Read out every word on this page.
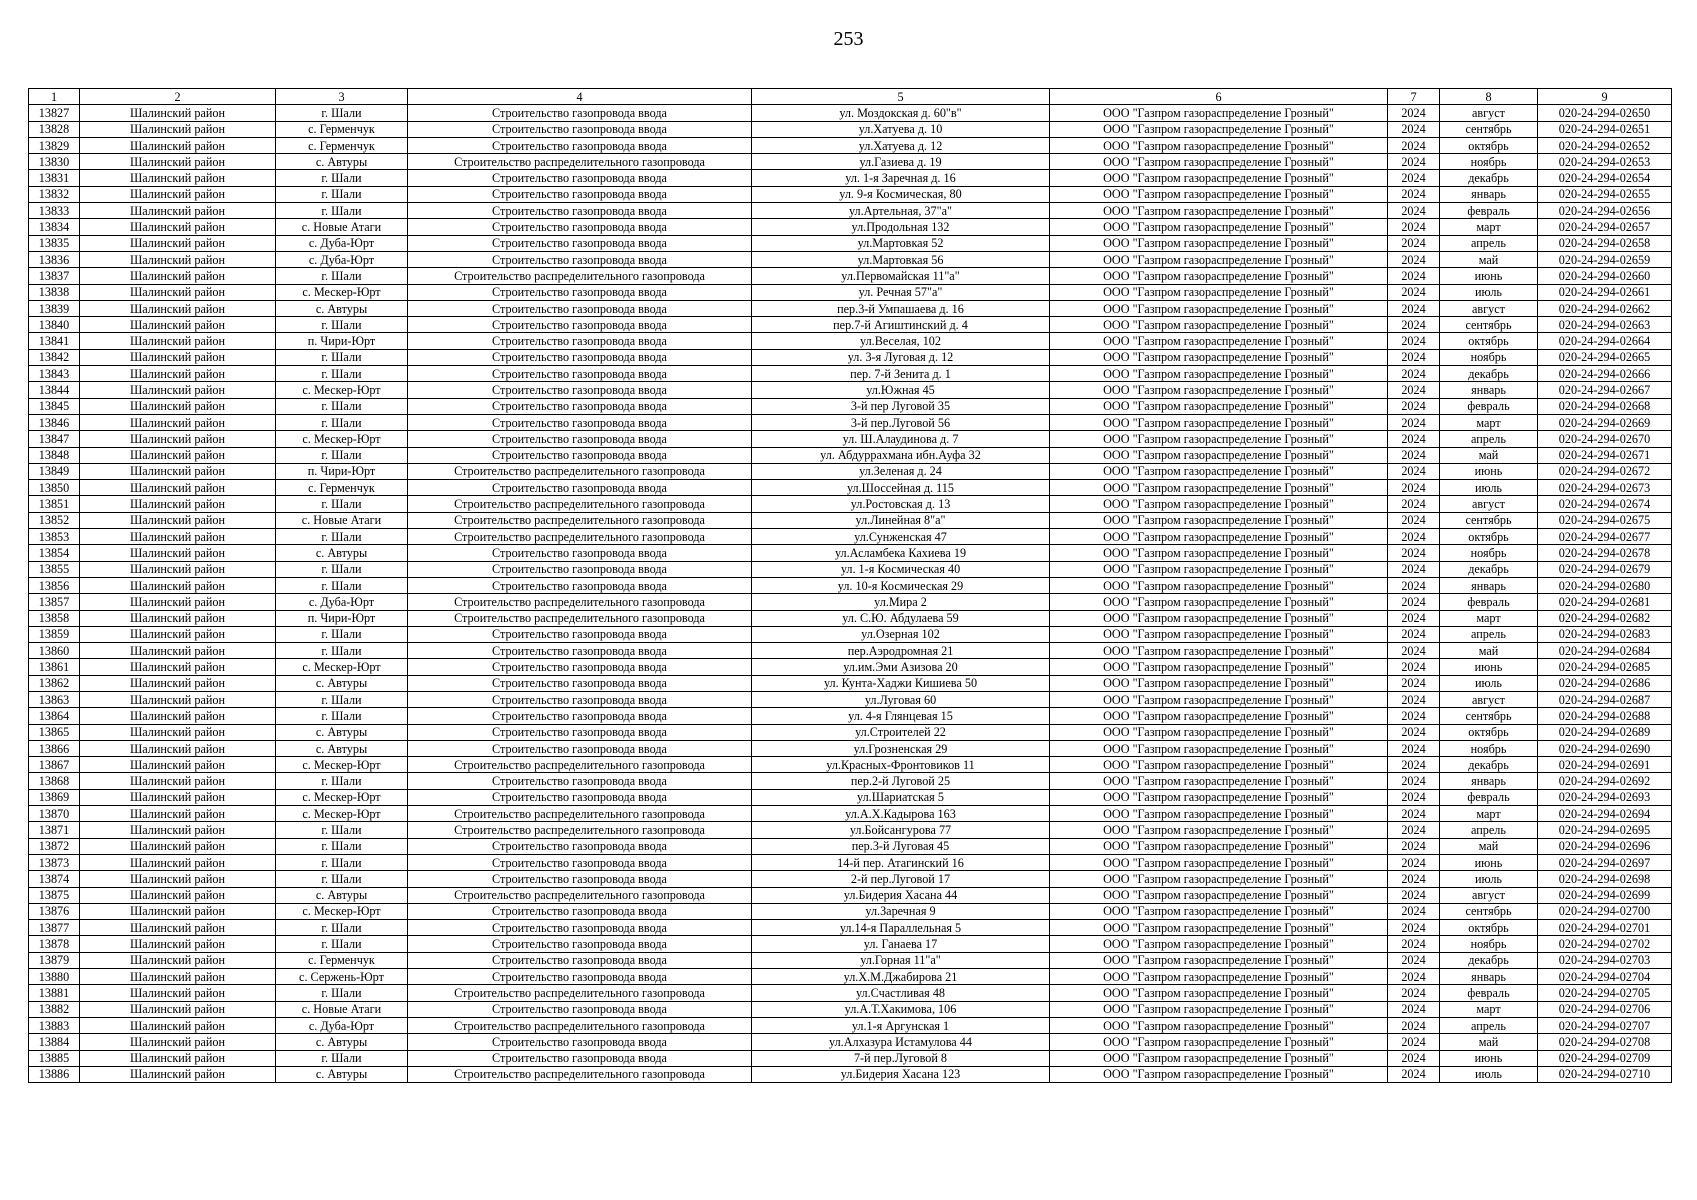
253
1	2	3	4	5	6	7	8	9
13827	Шалинский район	г. Шали	Строительство газопровода ввода	ул. Моздокская д. 60"в"	ООО "Газпром газораспределение Грозный"	2024	август	020-24-294-02650
13828	Шалинский район	с. Герменчук	Строительство газопровода ввода	ул.Хатуева д. 10	ООО "Газпром газораспределение Грозный"	2024	сентябрь	020-24-294-02651
13829	Шалинский район	с. Герменчук	Строительство газопровода ввода	ул.Хатуева д. 12	ООО "Газпром газораспределение Грозный"	2024	октябрь	020-24-294-02652
13830	Шалинский район	с. Автуры	Строительство распределительного газопровода	ул.Газиева д. 19	ООО "Газпром газораспределение Грозный"	2024	ноябрь	020-24-294-02653
13831	Шалинский район	г. Шали	Строительство газопровода ввода	ул. 1-я Заречная д. 16	ООО "Газпром газораспределение Грозный"	2024	декабрь	020-24-294-02654
13832	Шалинский район	г. Шали	Строительство газопровода ввода	ул. 9-я Космическая, 80	ООО "Газпром газораспределение Грозный"	2024	январь	020-24-294-02655
13833	Шалинский район	г. Шали	Строительство газопровода ввода	ул.Артельная, 37"а"	ООО "Газпром газораспределение Грозный"	2024	февраль	020-24-294-02656
13834	Шалинский район	с. Новые Атаги	Строительство газопровода ввода	ул.Продольная 132	ООО "Газпром газораспределение Грозный"	2024	март	020-24-294-02657
13835	Шалинский район	с. Дуба-Юрт	Строительство газопровода ввода	ул.Мартовкая 52	ООО "Газпром газораспределение Грозный"	2024	апрель	020-24-294-02658
13836	Шалинский район	с. Дуба-Юрт	Строительство газопровода ввода	ул.Мартовкая 56	ООО "Газпром газораспределение Грозный"	2024	май	020-24-294-02659
13837	Шалинский район	г. Шали	Строительство распределительного газопровода	ул.Первомайская 11"а"	ООО "Газпром газораспределение Грозный"	2024	июнь	020-24-294-02660
13838	Шалинский район	с. Мескер-Юрт	Строительство газопровода ввода	ул. Речная 57"а"	ООО "Газпром газораспределение Грозный"	2024	июль	020-24-294-02661
13839	Шалинский район	с. Автуры	Строительство газопровода ввода	пер.3-й Умпашаева д. 16	ООО "Газпром газораспределение Грозный"	2024	август	020-24-294-02662
13840	Шалинский район	г. Шали	Строительство газопровода ввода	пер.7-й Агиштинский д. 4	ООО "Газпром газораспределение Грозный"	2024	сентябрь	020-24-294-02663
13841	Шалинский район	п. Чири-Юрт	Строительство газопровода ввода	ул.Веселая, 102	ООО "Газпром газораспределение Грозный"	2024	октябрь	020-24-294-02664
13842	Шалинский район	г. Шали	Строительство газопровода ввода	ул. 3-я Луговая д. 12	ООО "Газпром газораспределение Грозный"	2024	ноябрь	020-24-294-02665
13843	Шалинский район	г. Шали	Строительство газопровода ввода	пер. 7-й Зенита д. 1	ООО "Газпром газораспределение Грозный"	2024	декабрь	020-24-294-02666
13844	Шалинский район	с. Мескер-Юрт	Строительство газопровода ввода	ул.Южная 45	ООО "Газпром газораспределение Грозный"	2024	январь	020-24-294-02667
13845	Шалинский район	г. Шали	Строительство газопровода ввода	3-й пер Луговой 35	ООО "Газпром газораспределение Грозный"	2024	февраль	020-24-294-02668
13846	Шалинский район	г. Шали	Строительство газопровода ввода	3-й пер.Луговой 56	ООО "Газпром газораспределение Грозный"	2024	март	020-24-294-02669
13847	Шалинский район	с. Мескер-Юрт	Строительство газопровода ввода	ул. Ш.Алаудинова д. 7	ООО "Газпром газораспределение Грозный"	2024	апрель	020-24-294-02670
13848	Шалинский район	г. Шали	Строительство газопровода ввода	ул. Абдуррахмана ибн.Ауфа 32	ООО "Газпром газораспределение Грозный"	2024	май	020-24-294-02671
13849	Шалинский район	п. Чири-Юрт	Строительство распределительного газопровода	ул.Зеленая д. 24	ООО "Газпром газораспределение Грозный"	2024	июнь	020-24-294-02672
13850	Шалинский район	с. Герменчук	Строительство газопровода ввода	ул.Шоссейная д. 115	ООО "Газпром газораспределение Грозный"	2024	июль	020-24-294-02673
13851	Шалинский район	г. Шали	Строительство распределительного газопровода	ул.Ростовская д. 13	ООО "Газпром газораспределение Грозный"	2024	август	020-24-294-02674
13852	Шалинский район	с. Новые Атаги	Строительство распределительного газопровода	ул.Линейная 8"а"	ООО "Газпром газораспределение Грозный"	2024	сентябрь	020-24-294-02675
13853	Шалинский район	г. Шали	Строительство распределительного газопровода	ул.Сунженская 47	ООО "Газпром газораспределение Грозный"	2024	октябрь	020-24-294-02677
13854	Шалинский район	с. Автуры	Строительство газопровода ввода	ул.Асламбека Кахиева 19	ООО "Газпром газораспределение Грозный"	2024	ноябрь	020-24-294-02678
13855	Шалинский район	г. Шали	Строительство газопровода ввода	ул. 1-я Космическая 40	ООО "Газпром газораспределение Грозный"	2024	декабрь	020-24-294-02679
13856	Шалинский район	г. Шали	Строительство газопровода ввода	ул. 10-я Космическая 29	ООО "Газпром газораспределение Грозный"	2024	январь	020-24-294-02680
13857	Шалинский район	с. Дуба-Юрт	Строительство распределительного газопровода	ул.Мира 2	ООО "Газпром газораспределение Грозный"	2024	февраль	020-24-294-02681
13858	Шалинский район	п. Чири-Юрт	Строительство распределительного газопровода	ул. С.Ю. Абдулаева 59	ООО "Газпром газораспределение Грозный"	2024	март	020-24-294-02682
13859	Шалинский район	г. Шали	Строительство газопровода ввода	ул.Озерная 102	ООО "Газпром газораспределение Грозный"	2024	апрель	020-24-294-02683
13860	Шалинский район	г. Шали	Строительство газопровода ввода	пер.Аэродромная 21	ООО "Газпром газораспределение Грозный"	2024	май	020-24-294-02684
13861	Шалинский район	с. Мескер-Юрт	Строительство газопровода ввода	ул.им.Эми Азизова 20	ООО "Газпром газораспределение Грозный"	2024	июнь	020-24-294-02685
13862	Шалинский район	с. Автуры	Строительство газопровода ввода	ул. Кунта-Хаджи Кишиева 50	ООО "Газпром газораспределение Грозный"	2024	июль	020-24-294-02686
13863	Шалинский район	г. Шали	Строительство газопровода ввода	ул.Луговая 60	ООО "Газпром газораспределение Грозный"	2024	август	020-24-294-02687
13864	Шалинский район	г. Шали	Строительство газопровода ввода	ул. 4-я Глянцевая 15	ООО "Газпром газораспределение Грозный"	2024	сентябрь	020-24-294-02688
13865	Шалинский район	с. Автуры	Строительство газопровода ввода	ул.Строителей 22	ООО "Газпром газораспределение Грозный"	2024	октябрь	020-24-294-02689
13866	Шалинский район	с. Автуры	Строительство газопровода ввода	ул.Грозненская 29	ООО "Газпром газораспределение Грозный"	2024	ноябрь	020-24-294-02690
13867	Шалинский район	с. Мескер-Юрт	Строительство распределительного газопровода	ул.Красных-Фронтовиков 11	ООО "Газпром газораспределение Грозный"	2024	декабрь	020-24-294-02691
13868	Шалинский район	г. Шали	Строительство газопровода ввода	пер.2-й Луговой 25	ООО "Газпром газораспределение Грозный"	2024	январь	020-24-294-02692
13869	Шалинский район	с. Мескер-Юрт	Строительство газопровода ввода	ул.Шариатская 5	ООО "Газпром газораспределение Грозный"	2024	февраль	020-24-294-02693
13870	Шалинский район	с. Мескер-Юрт	Строительство распределительного газопровода	ул.А.Х.Кадырова 163	ООО "Газпром газораспределение Грозный"	2024	март	020-24-294-02694
13871	Шалинский район	г. Шали	Строительство распределительного газопровода	ул.Бойсангурова 77	ООО "Газпром газораспределение Грозный"	2024	апрель	020-24-294-02695
13872	Шалинский район	г. Шали	Строительство газопровода ввода	пер.3-й Луговая 45	ООО "Газпром газораспределение Грозный"	2024	май	020-24-294-02696
13873	Шалинский район	г. Шали	Строительство газопровода ввода	14-й пер. Атагинский 16	ООО "Газпром газораспределение Грозный"	2024	июнь	020-24-294-02697
13874	Шалинский район	г. Шали	Строительство газопровода ввода	2-й пер.Луговой 17	ООО "Газпром газораспределение Грозный"	2024	июль	020-24-294-02698
13875	Шалинский район	с. Автуры	Строительство распределительного газопровода	ул.Бидерия Хасана 44	ООО "Газпром газораспределение Грозный"	2024	август	020-24-294-02699
13876	Шалинский район	с. Мескер-Юрт	Строительство газопровода ввода	ул.Заречная 9	ООО "Газпром газораспределение Грозный"	2024	сентябрь	020-24-294-02700
13877	Шалинский район	г. Шали	Строительство газопровода ввода	ул.14-я Параллельная 5	ООО "Газпром газораспределение Грозный"	2024	октябрь	020-24-294-02701
13878	Шалинский район	г. Шали	Строительство газопровода ввода	ул. Ганаева 17	ООО "Газпром газораспределение Грозный"	2024	ноябрь	020-24-294-02702
13879	Шалинский район	с. Герменчук	Строительство газопровода ввода	ул.Горная 11"а"	ООО "Газпром газораспределение Грозный"	2024	декабрь	020-24-294-02703
13880	Шалинский район	с. Сержень-Юрт	Строительство газопровода ввода	ул.Х.М.Джабирова 21	ООО "Газпром газораспределение Грозный"	2024	январь	020-24-294-02704
13881	Шалинский район	г. Шали	Строительство распределительного газопровода	ул.Счастливая 48	ООО "Газпром газораспределение Грозный"	2024	февраль	020-24-294-02705
13882	Шалинский район	с. Новые Атаги	Строительство газопровода ввода	ул.А.Т.Хакимова, 106	ООО "Газпром газораспределение Грозный"	2024	март	020-24-294-02706
13883	Шалинский район	с. Дуба-Юрт	Строительство распределительного газопровода	ул.1-я Аргунская 1	ООО "Газпром газораспределение Грозный"	2024	апрель	020-24-294-02707
13884	Шалинский район	с. Автуры	Строительство газопровода ввода	ул.Алхазура Истамулова 44	ООО "Газпром газораспределение Грозный"	2024	май	020-24-294-02708
13885	Шалинский район	г. Шали	Строительство газопровода ввода	7-й пер.Луговой 8	ООО "Газпром газораспределение Грозный"	2024	июнь	020-24-294-02709
13886	Шалинский район	с. Автуры	Строительство распределительного газопровода	ул.Бидерия Хасана 123	ООО "Газпром газораспределение Грозный"	2024	июль	020-24-294-02710
